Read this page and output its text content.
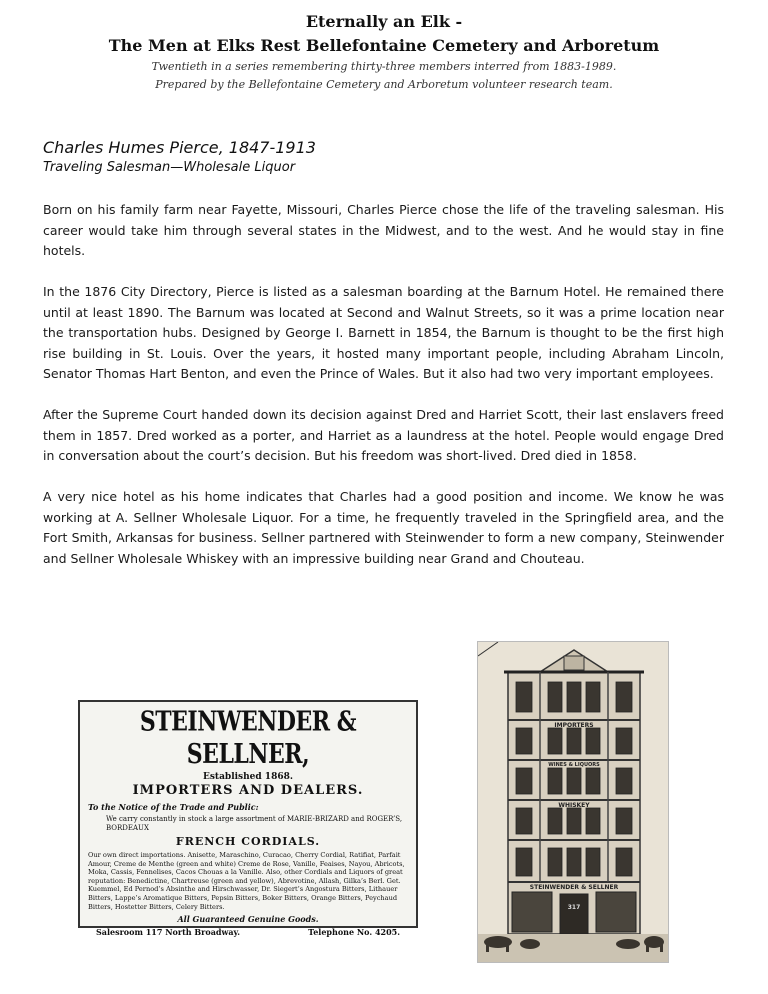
Eternally an Elk -
The Men at Elks Rest Bellefontaine Cemetery and Arboretum
Twentieth in a series remembering thirty-three members interred from 1883-1989.
Prepared by the Bellefontaine Cemetery and Arboretum volunteer research team.
Charles Humes Pierce, 1847-1913
Traveling Salesman—Wholesale Liquor

Born on his family farm near Fayette, Missouri, Charles Pierce chose the life of the traveling salesman. His career would take him through several states in the Midwest, and to the west. And he would stay in fine hotels.

In the 1876 City Directory, Pierce is listed as a salesman boarding at the Barnum Hotel. He remained there until at least 1890. The Barnum was located at Second and Walnut Streets, so it was a prime location near the transportation hubs. Designed by George I. Barnett in 1854, the Barnum is thought to be the first high rise building in St. Louis. Over the years, it hosted many important people, including Abraham Lincoln, Senator Thomas Hart Benton, and even the Prince of Wales. But it also had two very important employees.

After the Supreme Court handed down its decision against Dred and Harriet Scott, their last enslavers freed them in 1857. Dred worked as a porter, and Harriet as a laundress at the hotel. People would engage Dred in conversation about the court’s decision. But his freedom was short-lived. Dred died in 1858.

A very nice hotel as his home indicates that Charles had a good position and income. We know he was working at A. Sellner Wholesale Liquor. For a time, he frequently traveled in the Springfield area, and the Fort Smith, Arkansas for business. Sellner partnered with Steinwender to form a new company, Steinwender and Sellner Wholesale Whiskey with an impressive building near Grand and Chouteau.

STEINWENDER & SELLNER,
Established 1868.
IMPORTERS AND DEALERS.
To the Notice of the Trade and Public:
We carry constantly in stock a large assortment of MARIE-BRIZARD and ROGER’S, BORDEAUX
FRENCH CORDIALS.
Our own direct importations. Anisette, Maraschino, Curacao, Cherry Cordial, Ratifiat, Parfait Amour, Creme de Menthe (green and white) Creme de Rose, Vanille, Feaises, Nayou, Abricots, Moka, Cassis, Fennelises, Cacos Chouas a la Vanille. Also, other Cordials and Liquors of great reputation: Benedictine, Chartreuse (green and yellow), Abrevotine, Allash, Gilka’s Berl. Get. Kuemmel, Ed Pernod’s Absinthe and Hirschwasser, Dr. Siegert’s Angostura Bitters, Lithauer Bitters, Lappe’s Aromatique Bitters, Pepsin Bitters, Boker Bitters, Orange Bitters, Peychaud Bitters, Hostetter Bitters, Celery Bitters.
All Guaranteed Genuine Goods.
Salesroom 117 North Broadway.	Telephone No. 4205.
IMPORTERS
WINES & LIQUORS
WHISKEY
STEINWENDER & SELLNER
317
